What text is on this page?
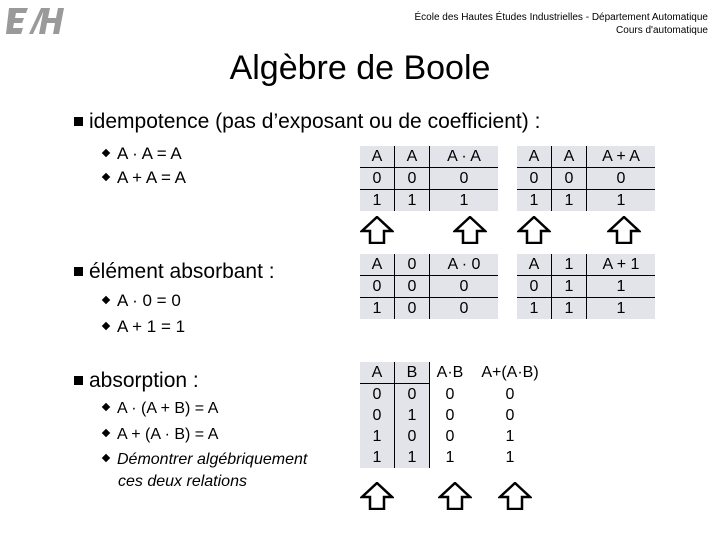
École des Hautes Études Industrielles - Département Automatique
Cours d'automatique
Algèbre de Boole
idempotence (pas d’exposant ou de coefficient) :
A · A = A
A + A = A
élément absorbant :
A · 0 = 0
A + 1 = 1
absorption :
A · (A + B) = A
A + (A · B) = A
Démontrer algébriquement
ces deux relations
A	A	A · A
0	0	0
1	1	1
A	A	A + A
0	0	0
1	1	1
A	0	A · 0
0	0	0
1	0	0
A	1	A + 1
0	1	1
1	1	1
A	B	A·B	A+(A·B)
0	0	0	0
0	1	0	0
1	0	0	1
1	1	1	1
